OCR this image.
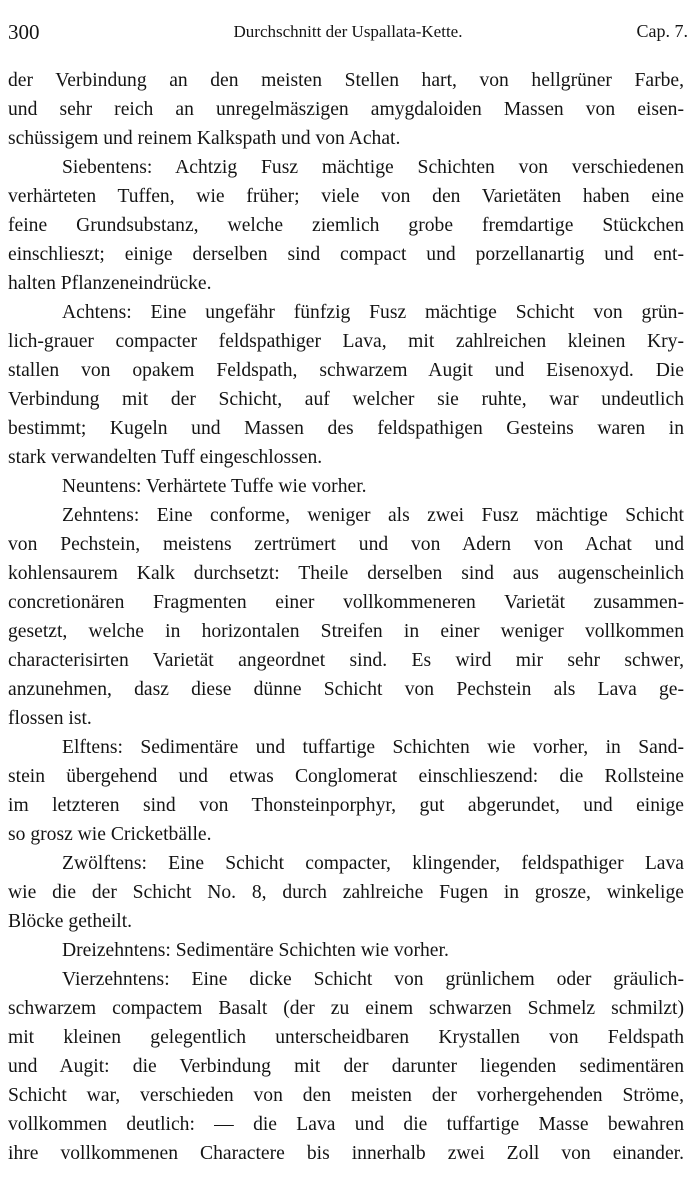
300	Durchschnitt der Uspallata-Kette.	Cap. 7.
der Verbindung an den meisten Stellen hart, von hellgrüner Farbe,
und sehr reich an unregelmäszigen amygdaloiden Massen von eisen-
schüssigem und reinem Kalkspath und von Achat.
Siebentens: Achtzig Fusz mächtige Schichten von verschiedenen
verhärteten Tuffen, wie früher; viele von den Varietäten haben eine
feine Grundsubstanz, welche ziemlich grobe fremdartige Stückchen
einschlieszt; einige derselben sind compact und porzellanartig und ent-
halten Pflanzeneindrücke.
Achtens: Eine ungefähr fünfzig Fusz mächtige Schicht von grün-
lich-grauer compacter feldspathiger Lava, mit zahlreichen kleinen Kry-
stallen von opakem Feldspath, schwarzem Augit und Eisenoxyd. Die
Verbindung mit der Schicht, auf welcher sie ruhte, war undeutlich
bestimmt; Kugeln und Massen des feldspathigen Gesteins waren in
stark verwandelten Tuff eingeschlossen.
Neuntens: Verhärtete Tuffe wie vorher.
Zehntens: Eine conforme, weniger als zwei Fusz mächtige Schicht
von Pechstein, meistens zertrümert und von Adern von Achat und
kohlensaurem Kalk durchsetzt: Theile derselben sind aus augenscheinlich
concretionären Fragmenten einer vollkommeneren Varietät zusammen-
gesetzt, welche in horizontalen Streifen in einer weniger vollkommen
characterisirten Varietät angeordnet sind. Es wird mir sehr schwer,
anzunehmen, dasz diese dünne Schicht von Pechstein als Lava ge-
flossen ist.
Elftens: Sedimentäre und tuffartige Schichten wie vorher, in Sand-
stein übergehend und etwas Conglomerat einschlieszend: die Rollsteine
im letzteren sind von Thonsteinporphyr, gut abgerundet, und einige
so grosz wie Cricketbälle.
Zwölftens: Eine Schicht compacter, klingender, feldspathiger Lava
wie die der Schicht No. 8, durch zahlreiche Fugen in grosze, winkelige
Blöcke getheilt.
Dreizehntens: Sedimentäre Schichten wie vorher.
Vierzehntens: Eine dicke Schicht von grünlichem oder gräulich-
schwarzem compactem Basalt (der zu einem schwarzen Schmelz schmilzt)
mit kleinen gelegentlich unterscheidbaren Krystallen von Feldspath
und Augit: die Verbindung mit der darunter liegenden sedimentären
Schicht war, verschieden von den meisten der vorhergehenden Ströme,
vollkommen deutlich: — die Lava und die tuffartige Masse bewahren
ihre vollkommenen Charactere bis innerhalb zwei Zoll von einander.
